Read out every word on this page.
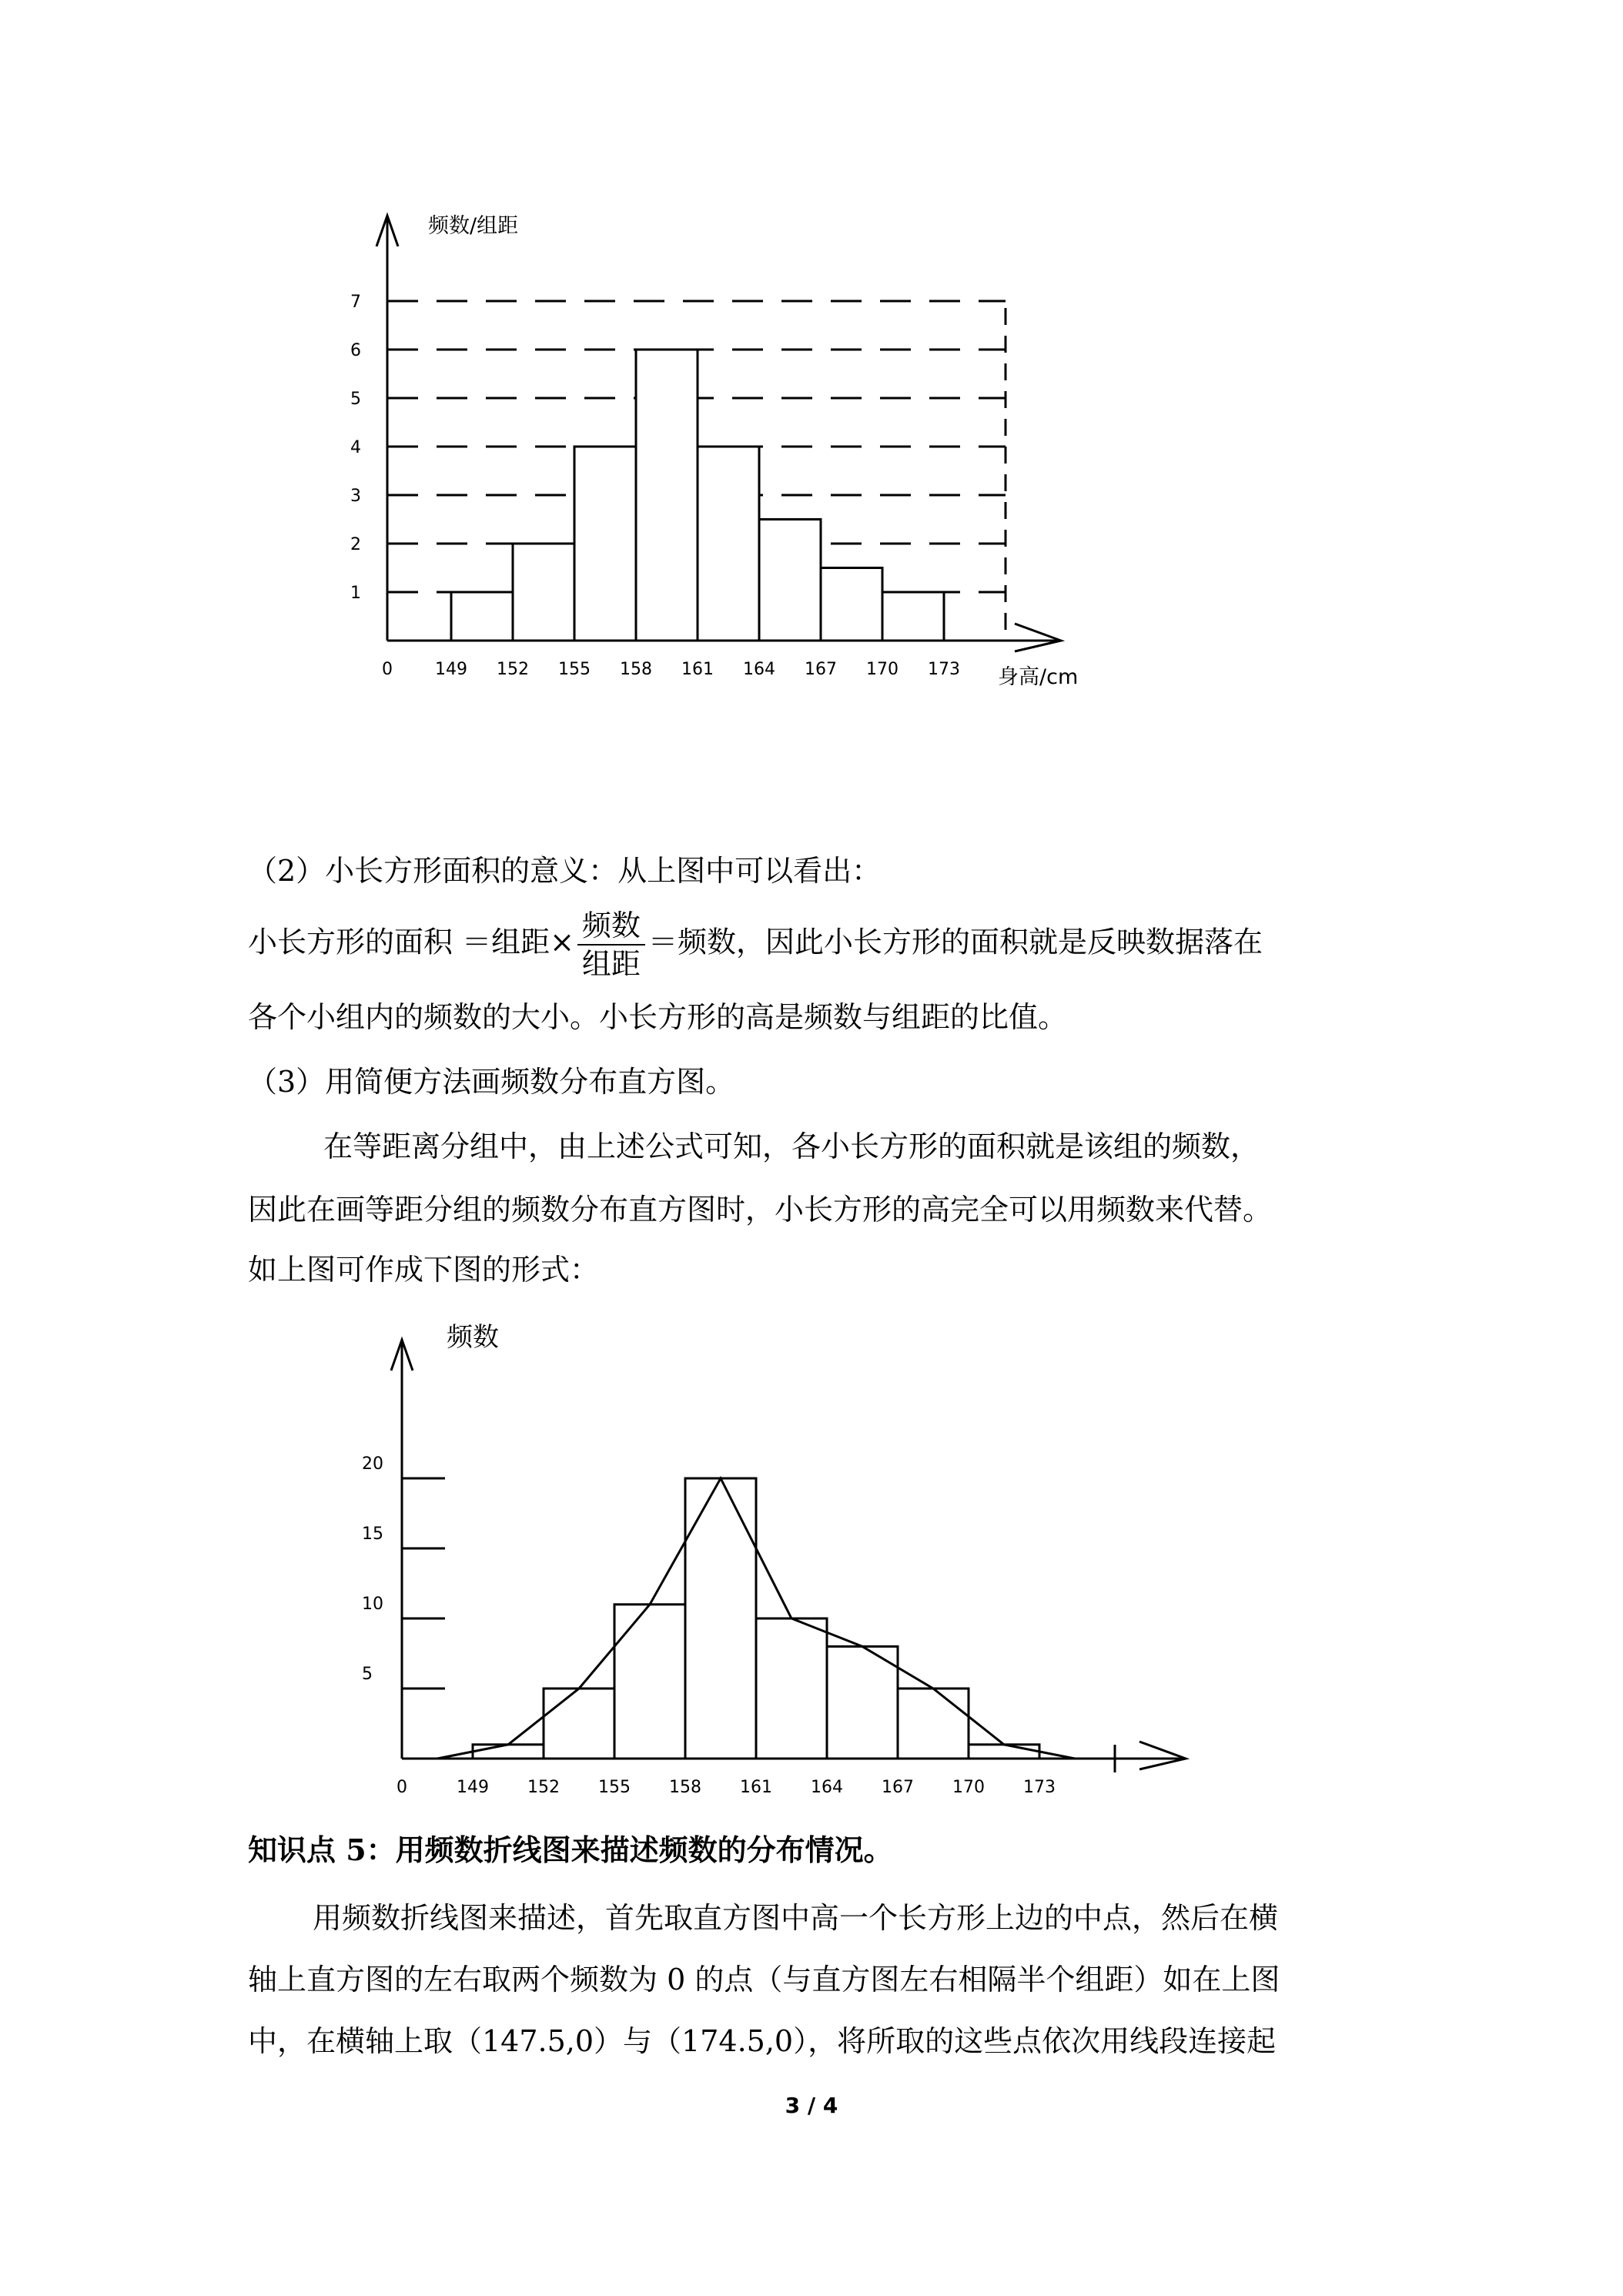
1
2
3
4
5
6
7
0	149 152 155 158 161 164 167 170 173
频数/组距
身高/cm
（2）小长方形面积的意义：从上图中可以看出：
小长方形的面积 ＝组距× $\frac{\text{频数}}{\text{组距}}$ ＝频数，因此小长方形的面积就是反映数据落在
各个小组内的频数的大小。小长方形的高是频数与组距的比值。
（3）用简便方法画频数分布直方图。
在等距离分组中，由上述公式可知，各小长方形的面积就是该组的频数，
因此在画等距分组的频数分布直方图时，小长方形的高完全可以用频数来代替。
如上图可作成下图的形式：
5
10
15
20
0	149 152 155 158 161 164 167 170 173
频数
知识点 5：用频数折线图来描述频数的分布情况。
用频数折线图来描述，首先取直方图中高一个长方形上边的中点，然后在横
轴上直方图的左右取两个频数为 0 的点（与直方图左右相隔半个组距）如在上图
中，在横轴上取（147.5,0）与（174.5,0），将所取的这些点依次用线段连接起
3 / 4
